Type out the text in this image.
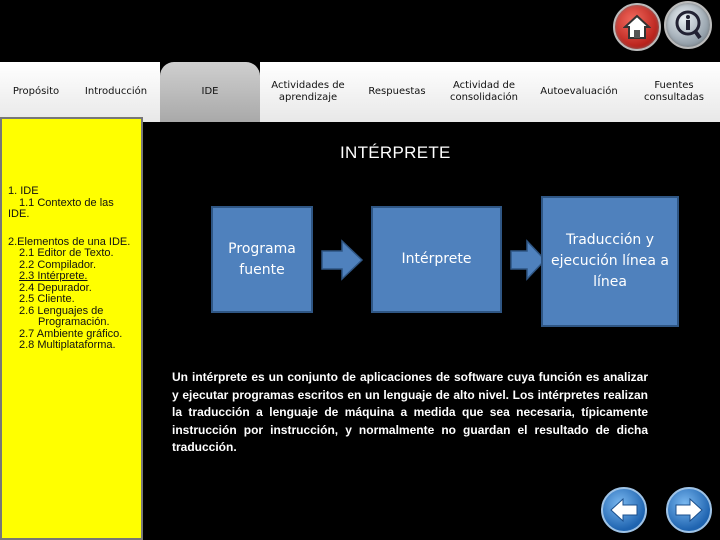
Propósito	Introducción	IDE
Actividades de aprendizaje
Respuestas
Actividad de consolidación
Autoevaluación
Fuentes consultadas
1. IDE
1.1 Contexto de las
IDE.
2.Elementos de una IDE.
2.1 Editor de Texto.
2.2 Compilador.
2.3 Intérprete.
2.4 Depurador.
2.5 Cliente.
2.6 Lenguajes de
Programación.
2.7 Ambiente gráfico.
2.8 Multiplataforma.
INTÉRPRETE
Programa fuente
Intérprete
Traducción y ejecución línea a línea

Un intérprete es un conjunto de aplicaciones de software cuya función es analizar y ejecutar programas escritos en un lenguaje de alto nivel. Los intérpretes realizan la traducción a lenguaje de máquina a medida que sea necesaria, típicamente instrucción por instrucción, y normalmente no guardan el resultado de dicha traducción.
